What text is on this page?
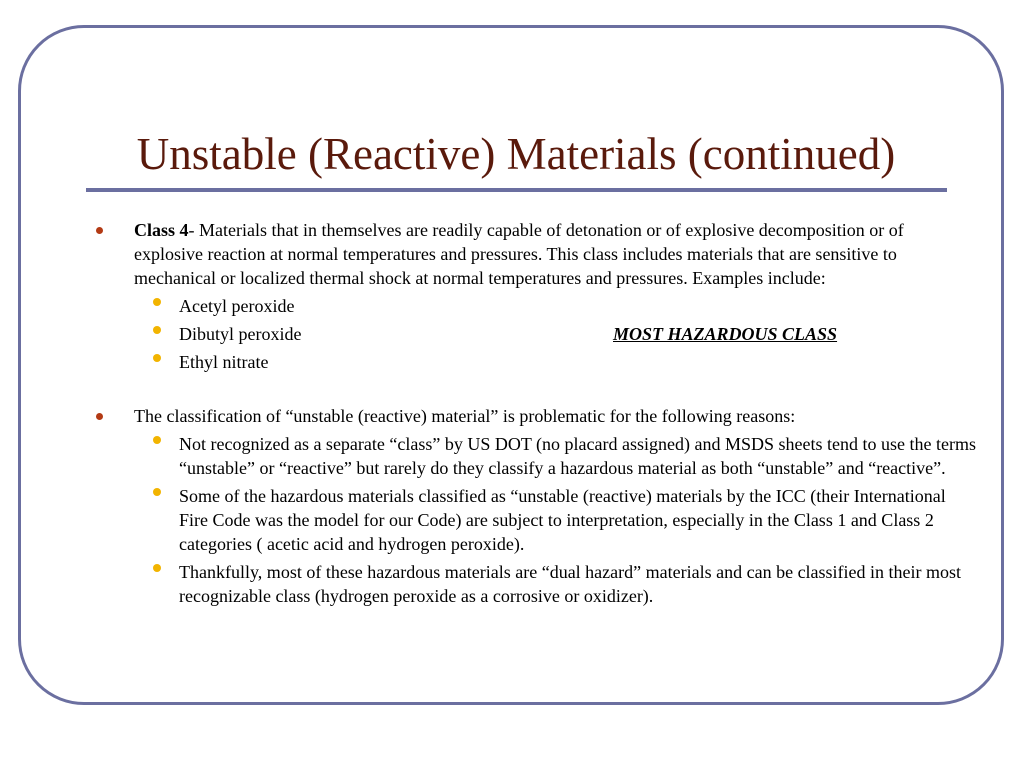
Unstable (Reactive) Materials (continued)
Class 4- Materials that in themselves are readily capable of detonation or of explosive decomposition or of explosive reaction at normal temperatures and pressures. This class includes materials that are sensitive to mechanical or localized thermal shock at normal temperatures and pressures. Examples include:
Acetyl peroxide
Dibutyl peroxide	MOST HAZARDOUS CLASS
Ethyl nitrate
The classification of “unstable (reactive) material” is problematic for the following reasons:
Not recognized as a separate “class” by US DOT (no placard assigned) and MSDS sheets tend to use the terms “unstable” or “reactive” but rarely do they classify a hazardous material as both “unstable” and “reactive”.
Some of the hazardous materials classified as “unstable (reactive) materials by the ICC (their International Fire Code was the model for our Code) are subject to interpretation, especially in the Class 1 and Class 2 categories ( acetic acid and hydrogen peroxide).
Thankfully, most of these hazardous materials are “dual hazard” materials and can be classified in their most recognizable class (hydrogen peroxide as a corrosive or oxidizer).
